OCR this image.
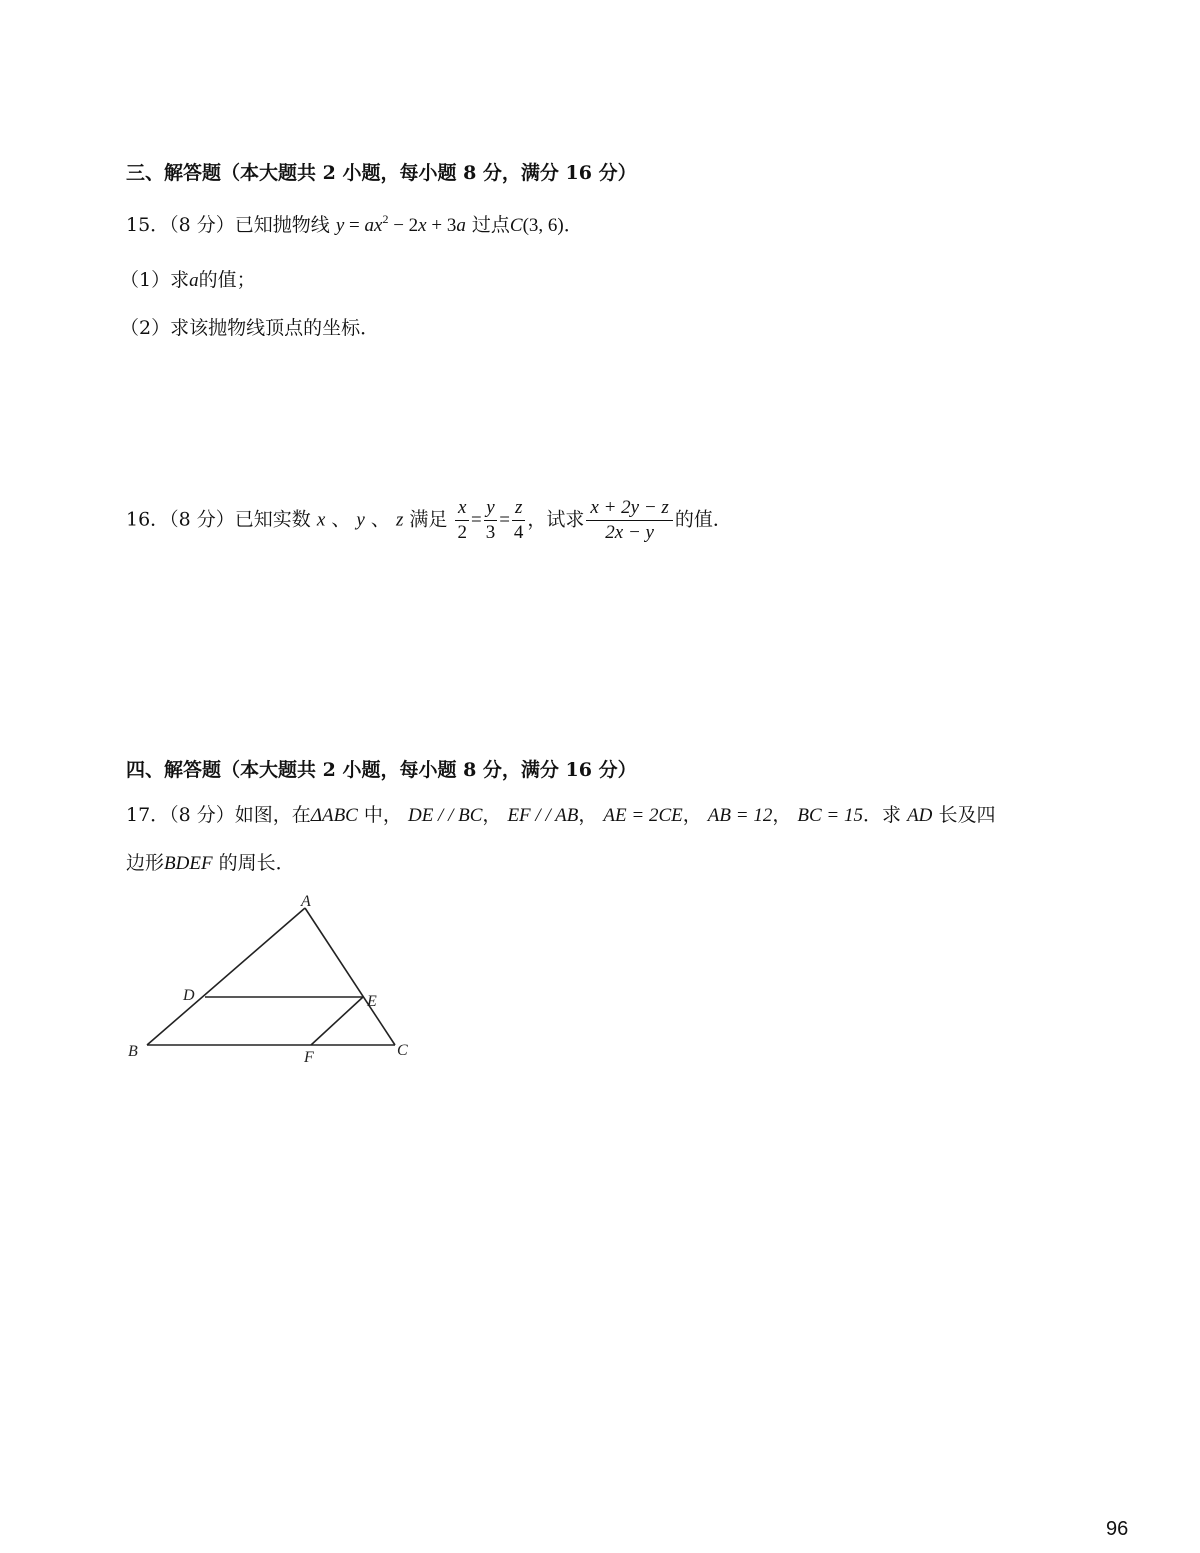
三、解答题（本大题共 2 小题，每小题 8 分，满分 16 分）
15．（8 分）已知抛物线 $y = ax^2 - 2x + 3a$ 过点C(3, 6)．
（1）求a的值；
（2）求该抛物线顶点的坐标．
16．（8 分）已知实数 x 、 y 、 z 满足 $\frac{x}{2} = \frac{y}{3} = \frac{z}{4}$ ，试求 $\frac{x + 2y - z}{2x - y}$ 的值．
四、解答题（本大题共 2 小题，每小题 8 分，满分 16 分）
17．（8 分）如图，在ΔABC 中， DE / / BC， EF / / AB， AE = 2CE， AB = 12， BC = 15．求 AD 长及四
边形BDEF 的周长．
A
B	C
D	E
F
96
